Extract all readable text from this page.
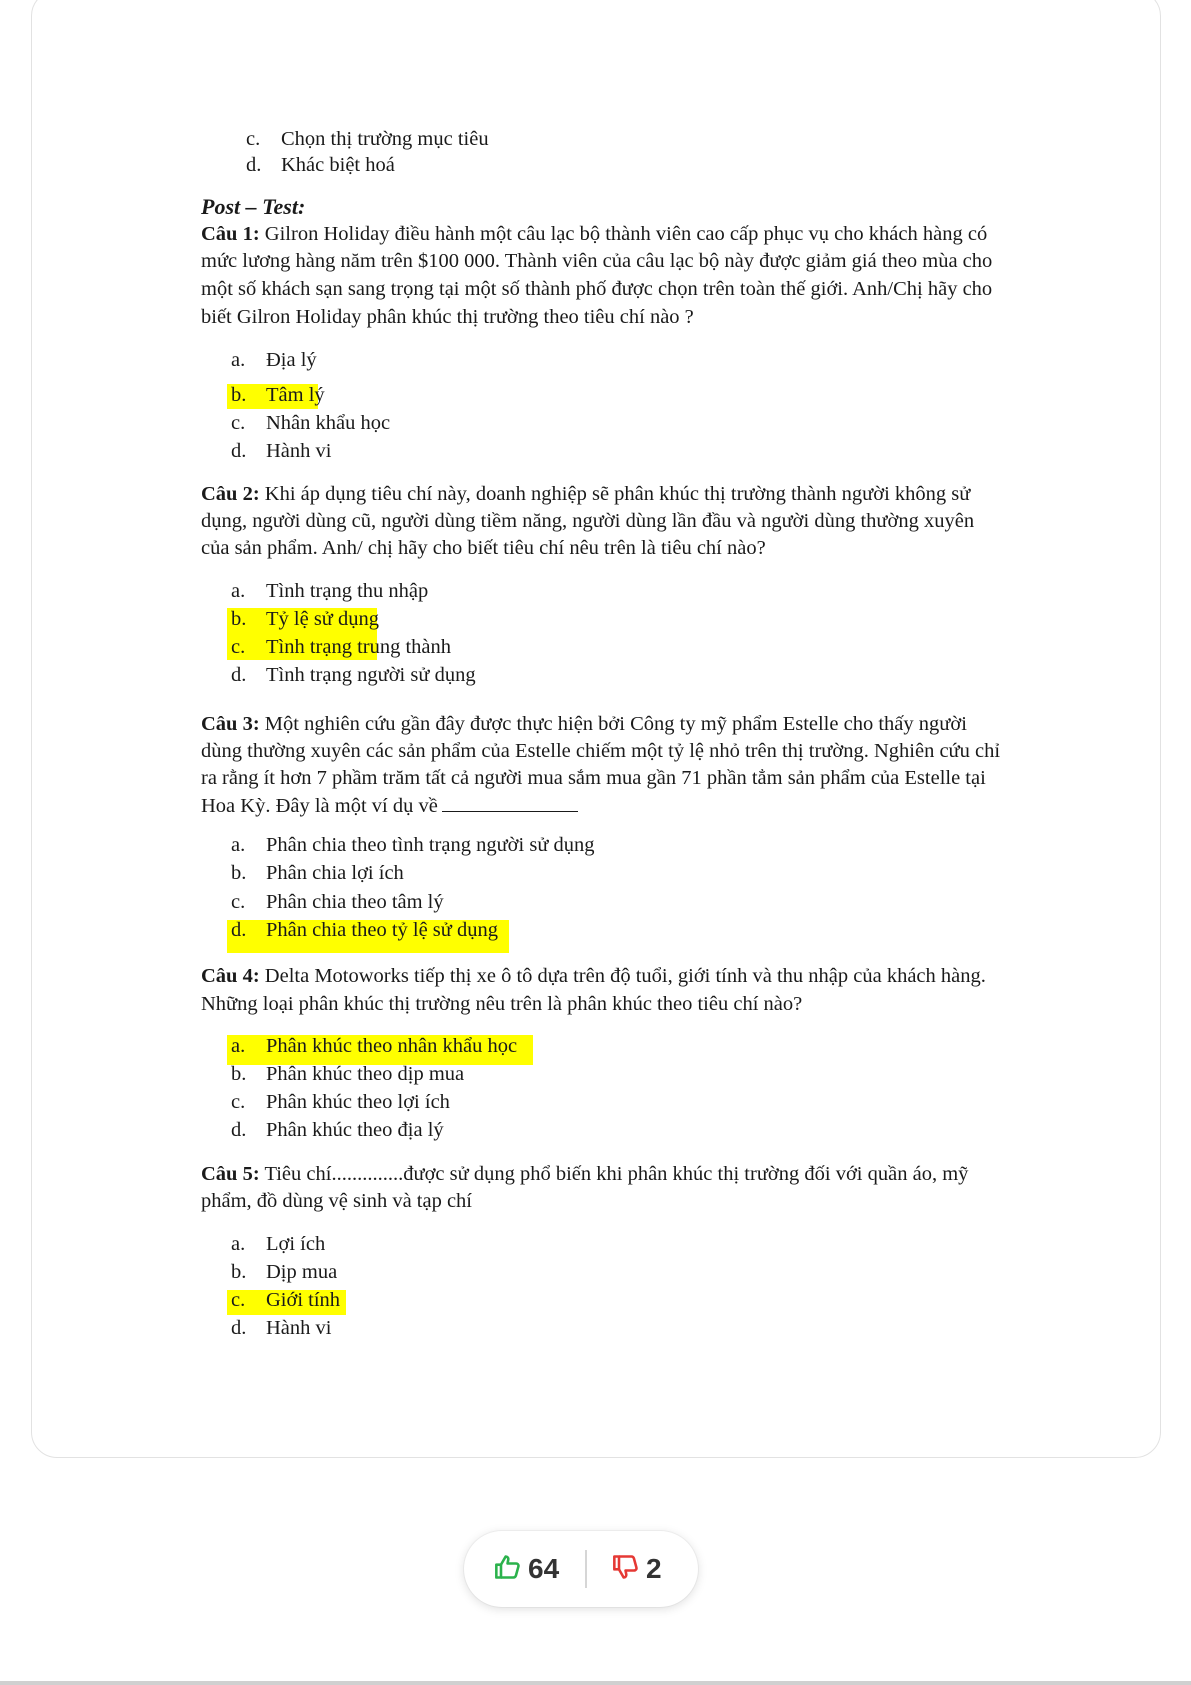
c. Chọn thị trường mục tiêu
d. Khác biệt hoá
Post – Test:
Câu 1: Gilron Holiday điều hành một câu lạc bộ thành viên cao cấp phục vụ cho khách hàng có
mức lương hàng năm trên $100 000. Thành viên của câu lạc bộ này được giảm giá theo mùa cho
một số khách sạn sang trọng tại một số thành phố được chọn trên toàn thế giới. Anh/Chị hãy cho
biết Gilron Holiday phân khúc thị trường theo tiêu chí nào ?
a. Địa lý
b. Tâm lý
c. Nhân khẩu học
d. Hành vi
Câu 2: Khi áp dụng tiêu chí này, doanh nghiệp sẽ phân khúc thị trường thành người không sử
dụng, người dùng cũ, người dùng tiềm năng, người dùng lần đầu và người dùng thường xuyên
của sản phẩm. Anh/ chị hãy cho biết tiêu chí nêu trên là tiêu chí nào?
a. Tình trạng thu nhập
b. Tỷ lệ sử dụng
c. Tình trạng trung thành
d. Tình trạng người sử dụng
Câu 3: Một nghiên cứu gần đây được thực hiện bởi Công ty mỹ phẩm Estelle cho thấy người
dùng thường xuyên các sản phẩm của Estelle chiếm một tỷ lệ nhỏ trên thị trường. Nghiên cứu chỉ
ra rằng ít hơn 7 phầm trăm tất cả người mua sắm mua gần 71 phần tẳm sản phẩm của Estelle tại
Hoa Kỳ. Đây là một ví dụ về
a. Phân chia theo tình trạng người sử dụng
b. Phân chia lợi ích
c. Phân chia theo tâm lý
d. Phân chia theo tỷ lệ sử dụng
Câu 4: Delta Motoworks tiếp thị xe ô tô dựa trên độ tuổi, giới tính và thu nhập của khách hàng.
Những loại phân khúc thị trường nêu trên là phân khúc theo tiêu chí nào?
a. Phân khúc theo nhân khẩu học
b. Phân khúc theo dịp mua
c. Phân khúc theo lợi ích
d. Phân khúc theo địa lý
Câu 5: Tiêu chí..............được sử dụng phổ biến khi phân khúc thị trường đối với quần áo, mỹ
phẩm, đồ dùng vệ sinh và tạp chí
a. Lợi ích
b. Dịp mua
c. Giới tính
d. Hành vi
64	2
